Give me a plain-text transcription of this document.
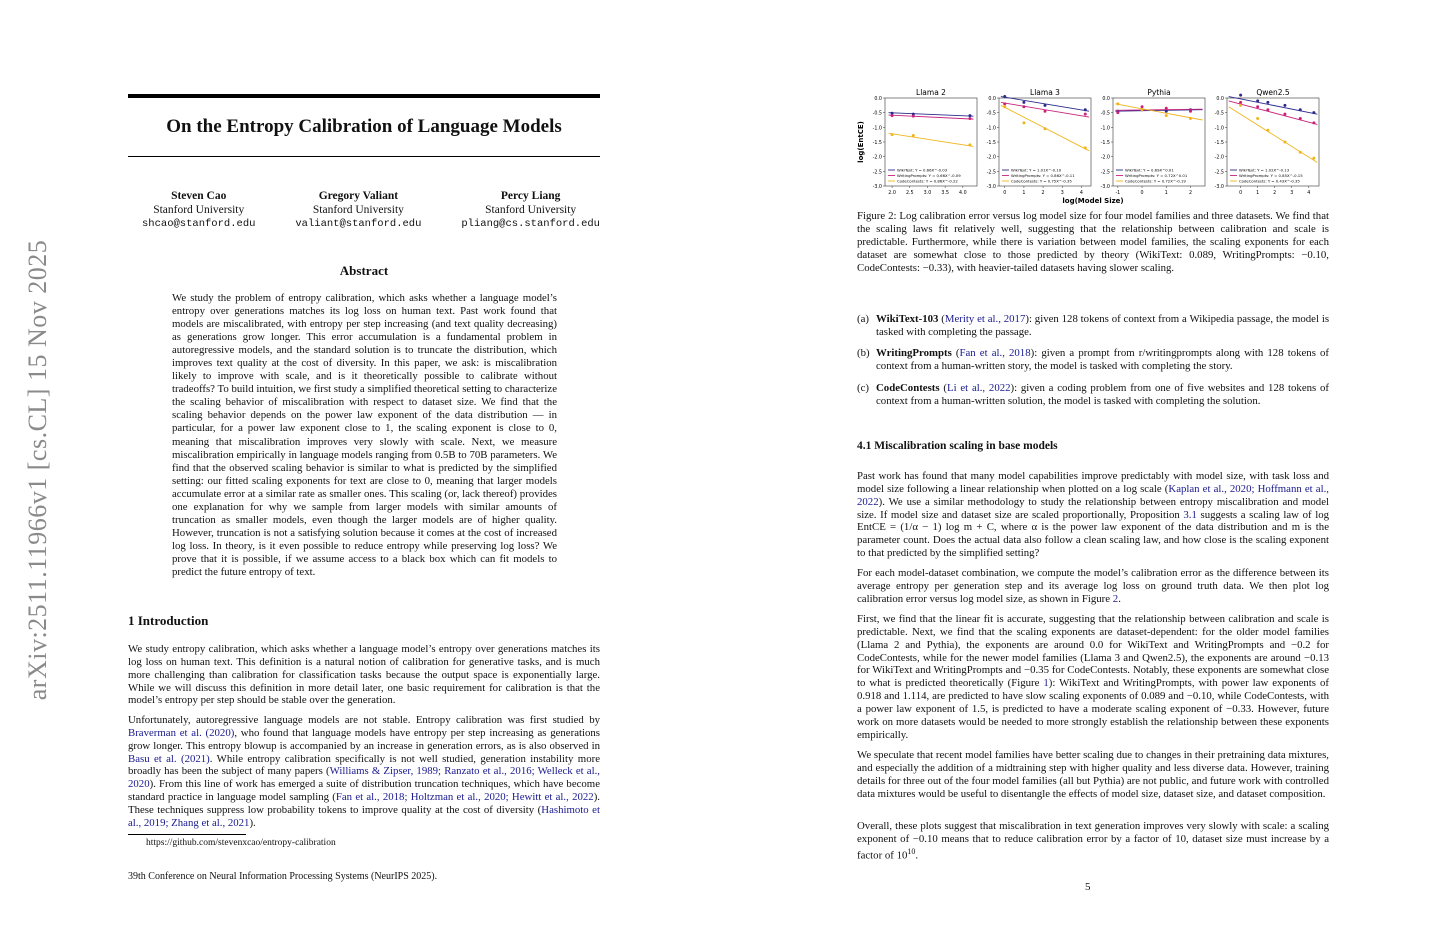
arXiv:2511.11966v1 [cs.CL] 15 Nov 2025
On the Entropy Calibration of Language Models
Steven Cao
Stanford University
shcao@stanford.edu
Gregory Valiant
Stanford University
valiant@stanford.edu
Percy Liang
Stanford University
pliang@cs.stanford.edu
Abstract
We study the problem of entropy calibration, which asks whether a language model’s entropy over generations matches its log loss on human text. Past work found that models are miscalibrated, with entropy per step increasing (and text quality decreasing) as generations grow longer. This error accumulation is a fundamental problem in autoregressive models, and the standard solution is to truncate the distribution, which improves text quality at the cost of diversity. In this paper, we ask: is miscalibration likely to improve with scale, and is it theoretically possible to calibrate without tradeoffs? To build intuition, we first study a simplified theoretical setting to characterize the scaling behavior of miscalibration with respect to dataset size. We find that the scaling behavior depends on the power law exponent of the data distribution — in particular, for a power law exponent close to 1, the scaling exponent is close to 0, meaning that miscalibration improves very slowly with scale. Next, we measure miscalibration empirically in language models ranging from 0.5B to 70B parameters. We find that the observed scaling behavior is similar to what is predicted by the simplified setting: our fitted scaling exponents for text are close to 0, meaning that larger models accumulate error at a similar rate as smaller ones. This scaling (or, lack thereof) provides one explanation for why we sample from larger models with similar amounts of truncation as smaller models, even though the larger models are of higher quality. However, truncation is not a satisfying solution because it comes at the cost of increased log loss. In theory, is it even possible to reduce entropy while preserving log loss? We prove that it is possible, if we assume access to a black box which can fit models to predict the future entropy of text.
1 Introduction
We study entropy calibration, which asks whether a language model’s entropy over generations matches its log loss on human text. This definition is a natural notion of calibration for generative tasks, and is much more challenging than calibration for classification tasks because the output space is exponentially large. While we will discuss this definition in more detail later, one basic requirement for calibration is that the model’s entropy per step should be stable over the generation.
Unfortunately, autoregressive language models are not stable. Entropy calibration was first studied by Braverman et al. (2020), who found that language models have entropy per step increasing as generations grow longer. This entropy blowup is accompanied by an increase in generation errors, as is also observed in Basu et al. (2021). While entropy calibration specifically is not well studied, generation instability more broadly has been the subject of many papers (Williams & Zipser, 1989; Ranzato et al., 2016; Welleck et al., 2020). From this line of work has emerged a suite of distribution truncation techniques, which have become standard practice in language model sampling (Fan et al., 2018; Holtzman et al., 2020; Hewitt et al., 2022). These techniques suppress low probability tokens to improve quality at the cost of diversity (Hashimoto et al., 2019; Zhang et al., 2021).
https://github.com/stevenxcao/entropy-calibration
39th Conference on Neural Information Processing Systems (NeurIPS 2025).
log(EntCE)
log(Model Size)
Llama 2
0.0
-0.5
-1.0
-1.5
-2.0
-2.5
-3.0
2.0 2.5 3.0 3.5 4.0
WikiText: Y = 0.66X^-0.03
WritingPrompts: Y = 0.66X^-0.09
CodeContests: Y = 0.86X^-0.22
Llama 3
0.0
-0.5
-1.0
-1.5
-2.0
-2.5
-3.0
0	1	2	3	4
WikiText: Y = 1.01X^-0.10
WritingPrompts: Y = 0.86X^-0.11
CodeContests: Y = 0.75X^-0.35
Pythia
0.0
-0.5
-1.0
-1.5
-2.0
-2.5
-3.0
-1	0	1	2
WikiText: Y = 0.69X^0.01
WritingPrompts: Y = 0.72X^0.01
CodeContests: Y = 0.72X^-0.19
Qwen2.5
0.0
-0.5
-1.0
-1.5
-2.0
-2.5
-3.0
0	1	2	3	4
WikiText: Y = 1.02X^-0.13
WritingPrompts: Y = 0.85X^-0.15
CodeContests: Y = 0.43X^-0.35
Figure 2: Log calibration error versus log model size for four model families and three datasets. We find that the scaling laws fit relatively well, suggesting that the relationship between calibration and scale is predictable. Furthermore, while there is variation between model families, the scaling exponents for each dataset are somewhat close to those predicted by theory (WikiText: 0.089, WritingPrompts: −0.10, CodeContests: −0.33), with heavier-tailed datasets having slower scaling.
(a) WikiText-103 (Merity et al., 2017): given 128 tokens of context from a Wikipedia passage, the model is tasked with completing the passage.
(b) WritingPrompts (Fan et al., 2018): given a prompt from r/writingprompts along with 128 tokens of context from a human-written story, the model is tasked with completing the story.
(c) CodeContests (Li et al., 2022): given a coding problem from one of five websites and 128 tokens of context from a human-written solution, the model is tasked with completing the solution.
4.1 Miscalibration scaling in base models
Past work has found that many model capabilities improve predictably with model size, with task loss and model size following a linear relationship when plotted on a log scale (Kaplan et al., 2020; Hoffmann et al., 2022). We use a similar methodology to study the relationship between entropy miscalibration and model size. If model size and dataset size are scaled proportionally, Proposition 3.1 suggests a scaling law of log EntCE = (1/α − 1) log m + C, where α is the power law exponent of the data distribution and m is the parameter count. Does the actual data also follow a clean scaling law, and how close is the scaling exponent to that predicted by the simplified setting?
For each model-dataset combination, we compute the model’s calibration error as the difference between its average entropy per generation step and its average log loss on ground truth data. We then plot log calibration error versus log model size, as shown in Figure 2.
First, we find that the linear fit is accurate, suggesting that the relationship between calibration and scale is predictable. Next, we find that the scaling exponents are dataset-dependent: for the older model families (Llama 2 and Pythia), the exponents are around 0.0 for WikiText and WritingPrompts and −0.2 for CodeContests, while for the newer model families (Llama 3 and Qwen2.5), the exponents are around −0.13 for WikiText and WritingPrompts and −0.35 for CodeContests. Notably, these exponents are somewhat close to what is predicted theoretically (Figure 1): WikiText and WritingPrompts, with power law exponents of 0.918 and 1.114, are predicted to have slow scaling exponents of 0.089 and −0.10, while CodeContests, with a power law exponent of 1.5, is predicted to have a moderate scaling exponent of −0.33. However, future work on more datasets would be needed to more strongly establish the relationship between these exponents empirically.
We speculate that recent model families have better scaling due to changes in their pretraining data mixtures, and especially the addition of a midtraining step with higher quality and less diverse data. However, training details for three out of the four model families (all but Pythia) are not public, and future work with controlled data mixtures would be useful to disentangle the effects of model size, dataset size, and dataset composition.
Overall, these plots suggest that miscalibration in text generation improves very slowly with scale: a scaling exponent of −0.10 means that to reduce calibration error by a factor of 10, dataset size must increase by a factor of $10^{10}$.
5
